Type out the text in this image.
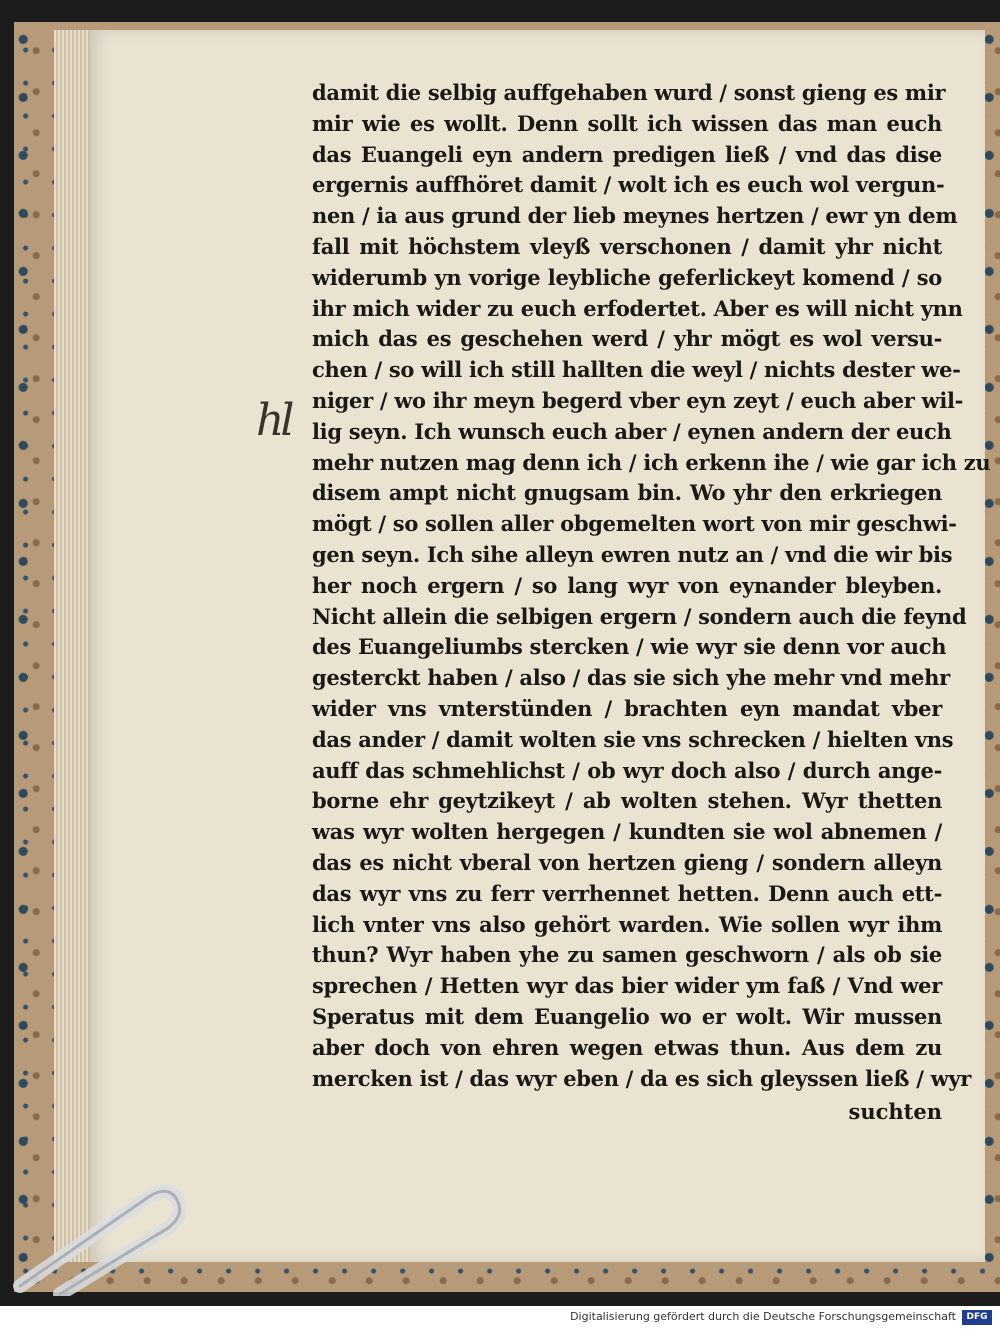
hl
damit die selbig auffgehaben wurd / sonst gieng es mir
mir wie es wollt. Denn sollt ich wissen das man euch
das Euangeli eyn andern predigen ließ / vnd das dise
ergernis auffhöret damit / wolt ich es euch wol vergun-
nen / ia aus grund der lieb meynes hertzen / ewr yn dem
fall mit höchstem vleyß verschonen / damit yhr nicht
widerumb yn vorige leybliche geferlickeyt komend / so
ihr mich wider zu euch erfodertet. Aber es will nicht ynn
mich das es geschehen werd / yhr mögt es wol versu-
chen / so will ich still hallten die weyl / nichts dester we-
niger / wo ihr meyn begerd vber eyn zeyt / euch aber wil-
lig seyn. Ich wunsch euch aber / eynen andern der euch
mehr nutzen mag denn ich / ich erkenn ihe / wie gar ich zu
disem ampt nicht gnugsam bin. Wo yhr den erkriegen
mögt / so sollen aller obgemelten wort von mir geschwi-
gen seyn. Ich sihe alleyn ewren nutz an / vnd die wir bis
her noch ergern / so lang wyr von eynander bleyben.
Nicht allein die selbigen ergern / sondern auch die feynd
des Euangeliumbs stercken / wie wyr sie denn vor auch
gesterckt haben / also / das sie sich yhe mehr vnd mehr
wider vns vnterstünden / brachten eyn mandat vber
das ander / damit wolten sie vns schrecken / hielten vns
auff das schmehlichst / ob wyr doch also / durch ange-
borne ehr geytzikeyt / ab wolten stehen. Wyr thetten
was wyr wolten hergegen / kundten sie wol abnemen /
das es nicht vberal von hertzen gieng / sondern alleyn
das wyr vns zu ferr verrhennet hetten. Denn auch ett-
lich vnter vns also gehört warden. Wie sollen wyr ihm
thun? Wyr haben yhe zu samen geschworn / als ob sie
sprechen / Hetten wyr das bier wider ym faß / Vnd wer
Speratus mit dem Euangelio wo er wolt. Wir mussen
aber doch von ehren wegen etwas thun. Aus dem zu
mercken ist / das wyr eben / da es sich gleyssen ließ / wyr
suchten
Digitalisierung gefördert durch die Deutsche Forschungsgemeinschaft	DFG
